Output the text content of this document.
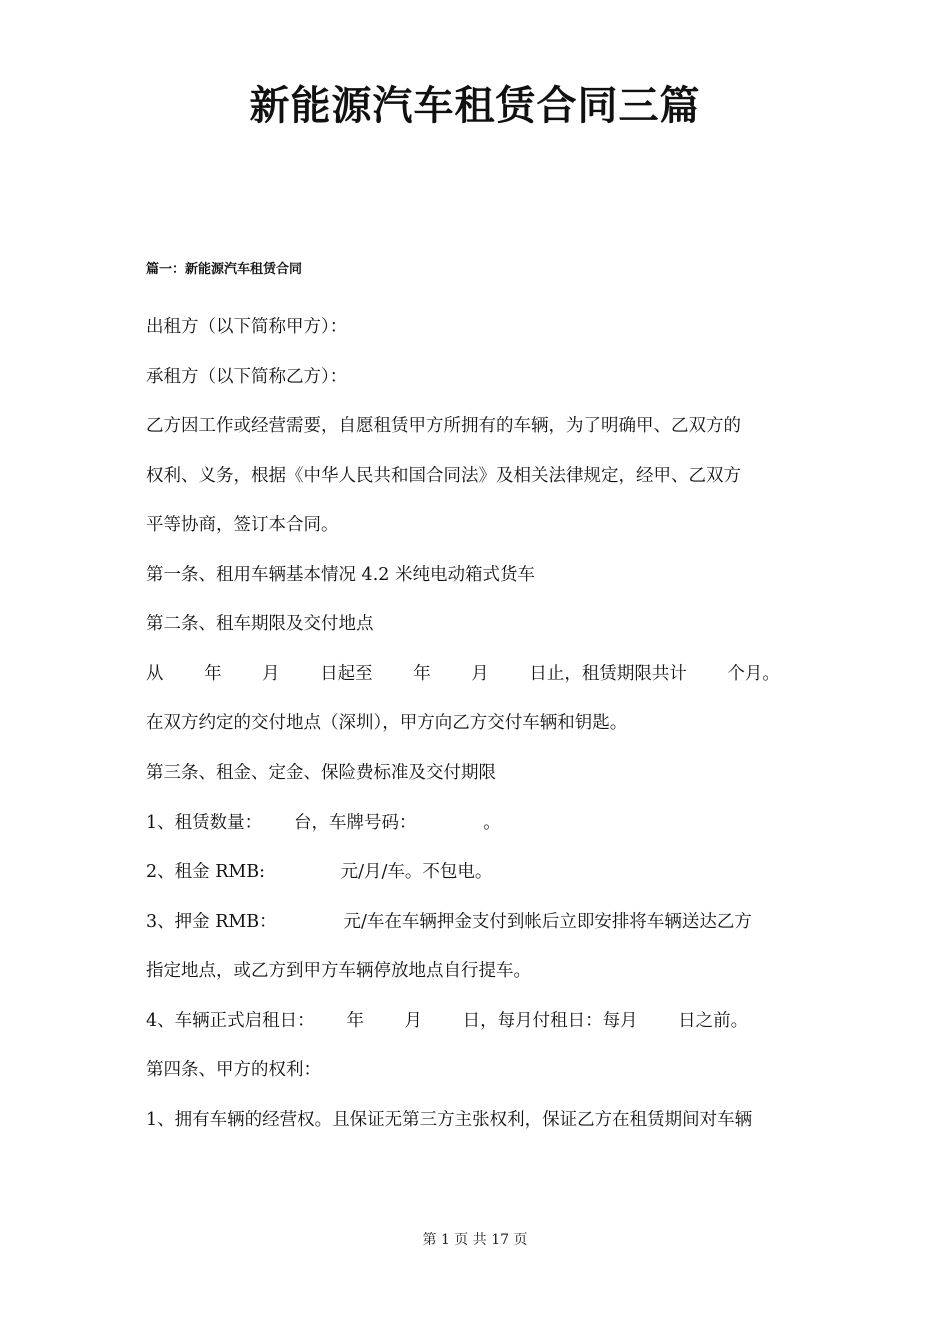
新能源汽车租赁合同三篇
篇一：新能源汽车租赁合同
出租方（以下简称甲方）：
承租方（以下简称乙方）：
乙方因工作或经营需要，自愿租赁甲方所拥有的车辆，为了明确甲、乙双方的
权利、义务，根据《中华人民共和国合同法》及相关法律规定，经甲、乙双方
平等协商，签订本合同。
第一条、租用车辆基本情况 4.2 米纯电动箱式货车
第二条、租车期限及交付地点
从　　 年　　 月　　 日起至　　 年　　 月　　 日止，租赁期限共计　　 个月。
在双方约定的交付地点（深圳），甲方向乙方交付车辆和钥匙。
第三条、租金、定金、保险费标准及交付期限
1、租赁数量：　　 台，车牌号码：　　　　 。
2、租金 RMB:　　　　 元/月/车。不包电。
3、押金 RMB：　　　　 元/车在车辆押金支付到帐后立即安排将车辆送达乙方
指定地点，或乙方到甲方车辆停放地点自行提车。
4、车辆正式启租日：　　 年　　 月　　 日，每月付租日：每月　　 日之前。
第四条、甲方的权利：
1、拥有车辆的经营权。且保证无第三方主张权利，保证乙方在租赁期间对车辆
第 1 页 共 17 页
